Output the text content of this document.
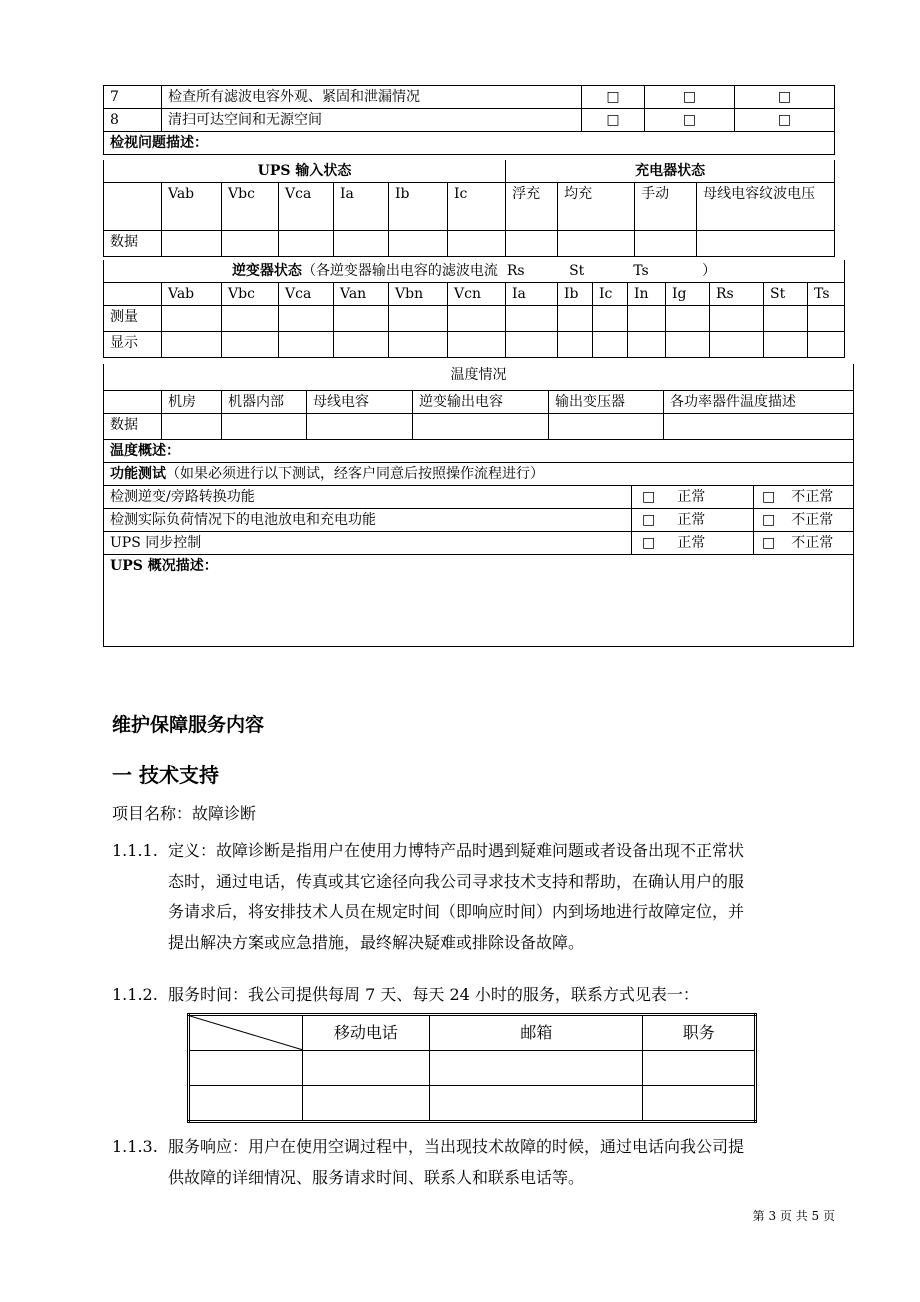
7	检查所有滤波电容外观、紧固和泄漏情况	□	□	□
8	清扫可达空间和无源空间	□	□	□
检视问题描述：				
UPS 输入状态							充电器状态			
	Vab	Vbc	Vca	Ia	Ib	Ic	浮充	均充	手动	母线电容纹波电压
数据										
逆变器状态（各逆变器输出电容的滤波电流  Rs          St           Ts            ）														
	Vab	Vbc	Vca	Van	Vbn	Vcn	Ia	Ib	Ic	In	Ig	Rs	St	Ts
测量														
显示														
温度情况								
	机房	机器内部	母线电容	逆变输出电容	输出变压器		各功率器件温度描述	
数据								
温度概述：								
功能测试（如果必须进行以下测试，经客户同意后按照操作流程进行）								
检测逆变/旁路转换功能						□ 正常		□ 不正常
检测实际负荷情况下的电池放电和充电功能						□ 正常		□ 不正常
UPS 同步控制						□ 正常		□ 不正常
UPS 概况描述：								
维护保障服务内容
一 技术支持
项目名称：故障诊断
1.1.1. 定义：故障诊断是指用户在使用力博特产品时遇到疑难问题或者设备出现不正常状
态时，通过电话，传真或其它途径向我公司寻求技术支持和帮助，在确认用户的服
务请求后，将安排技术人员在规定时间（即响应时间）内到场地进行故障定位，并
提出解决方案或应急措施，最终解决疑难或排除设备故障。
1.1.2. 服务时间：我公司提供每周 7 天、每天 24 小时的服务，联系方式见表一：
	移动电话	邮箱	职务

1.1.3. 服务响应：用户在使用空调过程中，当出现技术故障的时候，通过电话向我公司提
供故障的详细情况、服务请求时间、联系人和联系电话等。
第 3 页 共 5 页
